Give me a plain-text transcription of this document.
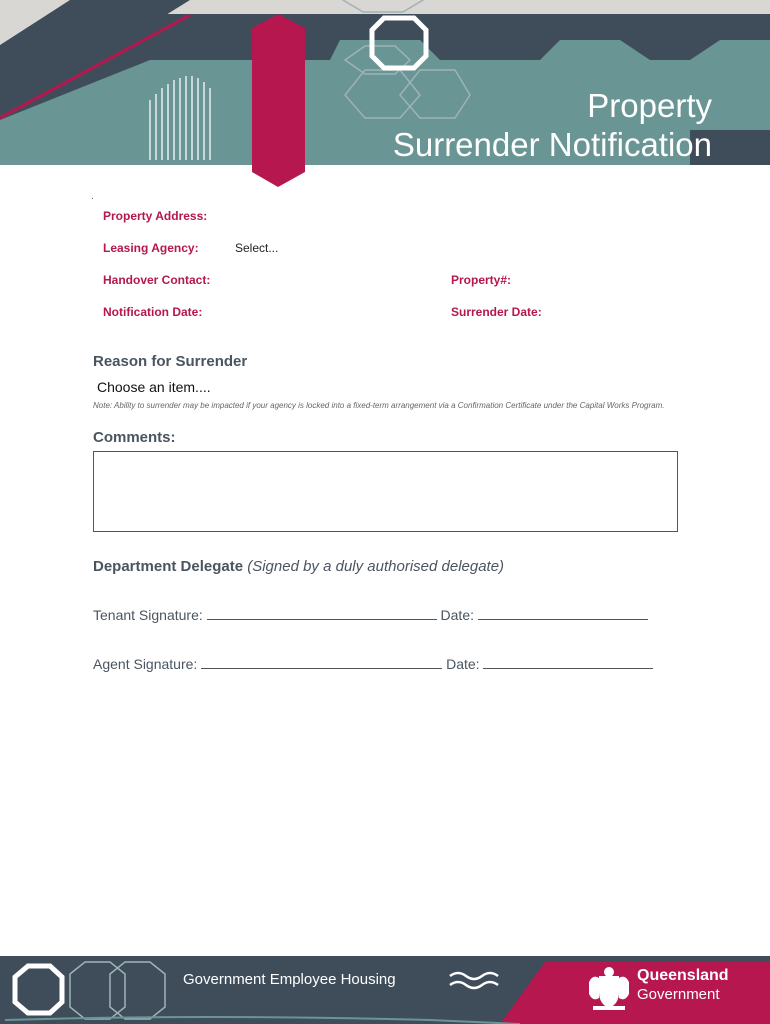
Property
Surrender Notification
.
Property Address:
Leasing Agency:	Select...
Handover Contact:	Property#:
Notification Date:	Surrender Date:
Reason for Surrender
Choose an item....
Note: Ability to surrender may be impacted if your agency is locked into a fixed-term arrangement via a Confirmation Certificate under the Capital Works Program.
Comments:
Department Delegate (Signed by a duly authorised delegate)
Tenant Signature:	Date:
Agent Signature:	Date:
Government Employee Housing	Queensland
Government
